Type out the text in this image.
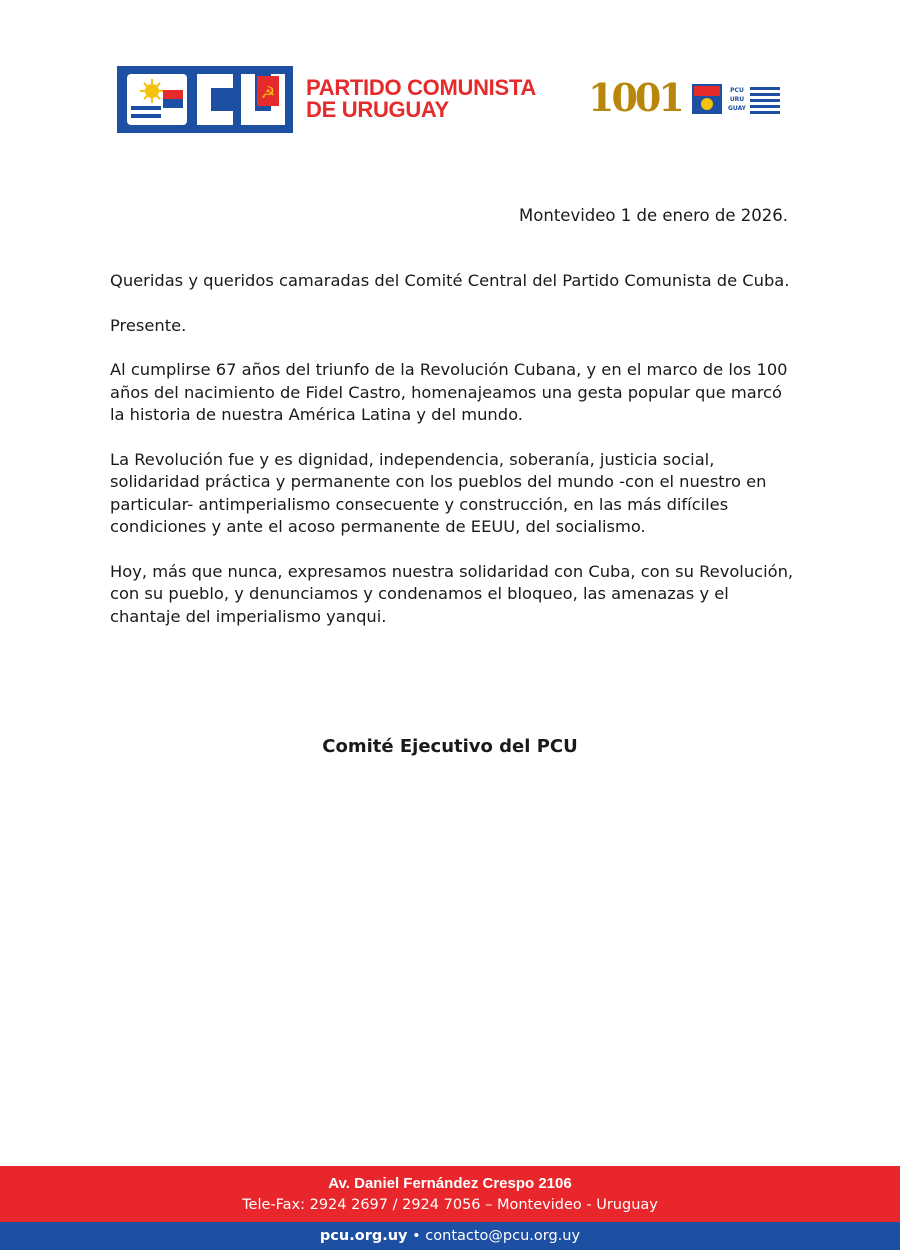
☭ PARTIDO COMUNISTA
DE URUGUAY	1001	PCU
URU
GUAY
Montevideo 1 de enero de 2026.

Queridas y queridos camaradas del Comité Central del Partido Comunista de Cuba.

Presente.

Al cumplirse 67 años del triunfo de la Revolución Cubana, y en el marco de los 100 años del nacimiento de Fidel Castro, homenajeamos una gesta popular que marcó la historia de nuestra América Latina y del mundo.

La Revolución fue y es dignidad, independencia, soberanía, justicia social, solidaridad práctica y permanente con los pueblos del mundo -con el nuestro en particular- antimperialismo consecuente y construcción, en las más difíciles condiciones y ante el acoso permanente de EEUU, del socialismo.

Hoy, más que nunca, expresamos nuestra solidaridad con Cuba, con su Revolución, con su pueblo, y denunciamos y condenamos el bloqueo, las amenazas y el chantaje del imperialismo yanqui.

Comité Ejecutivo del PCU
Av. Daniel Fernández Crespo 2106
Tele-Fax: 2924 2697 / 2924 7056 – Montevideo - Uruguay
pcu.org.uy • contacto@pcu.org.uy
